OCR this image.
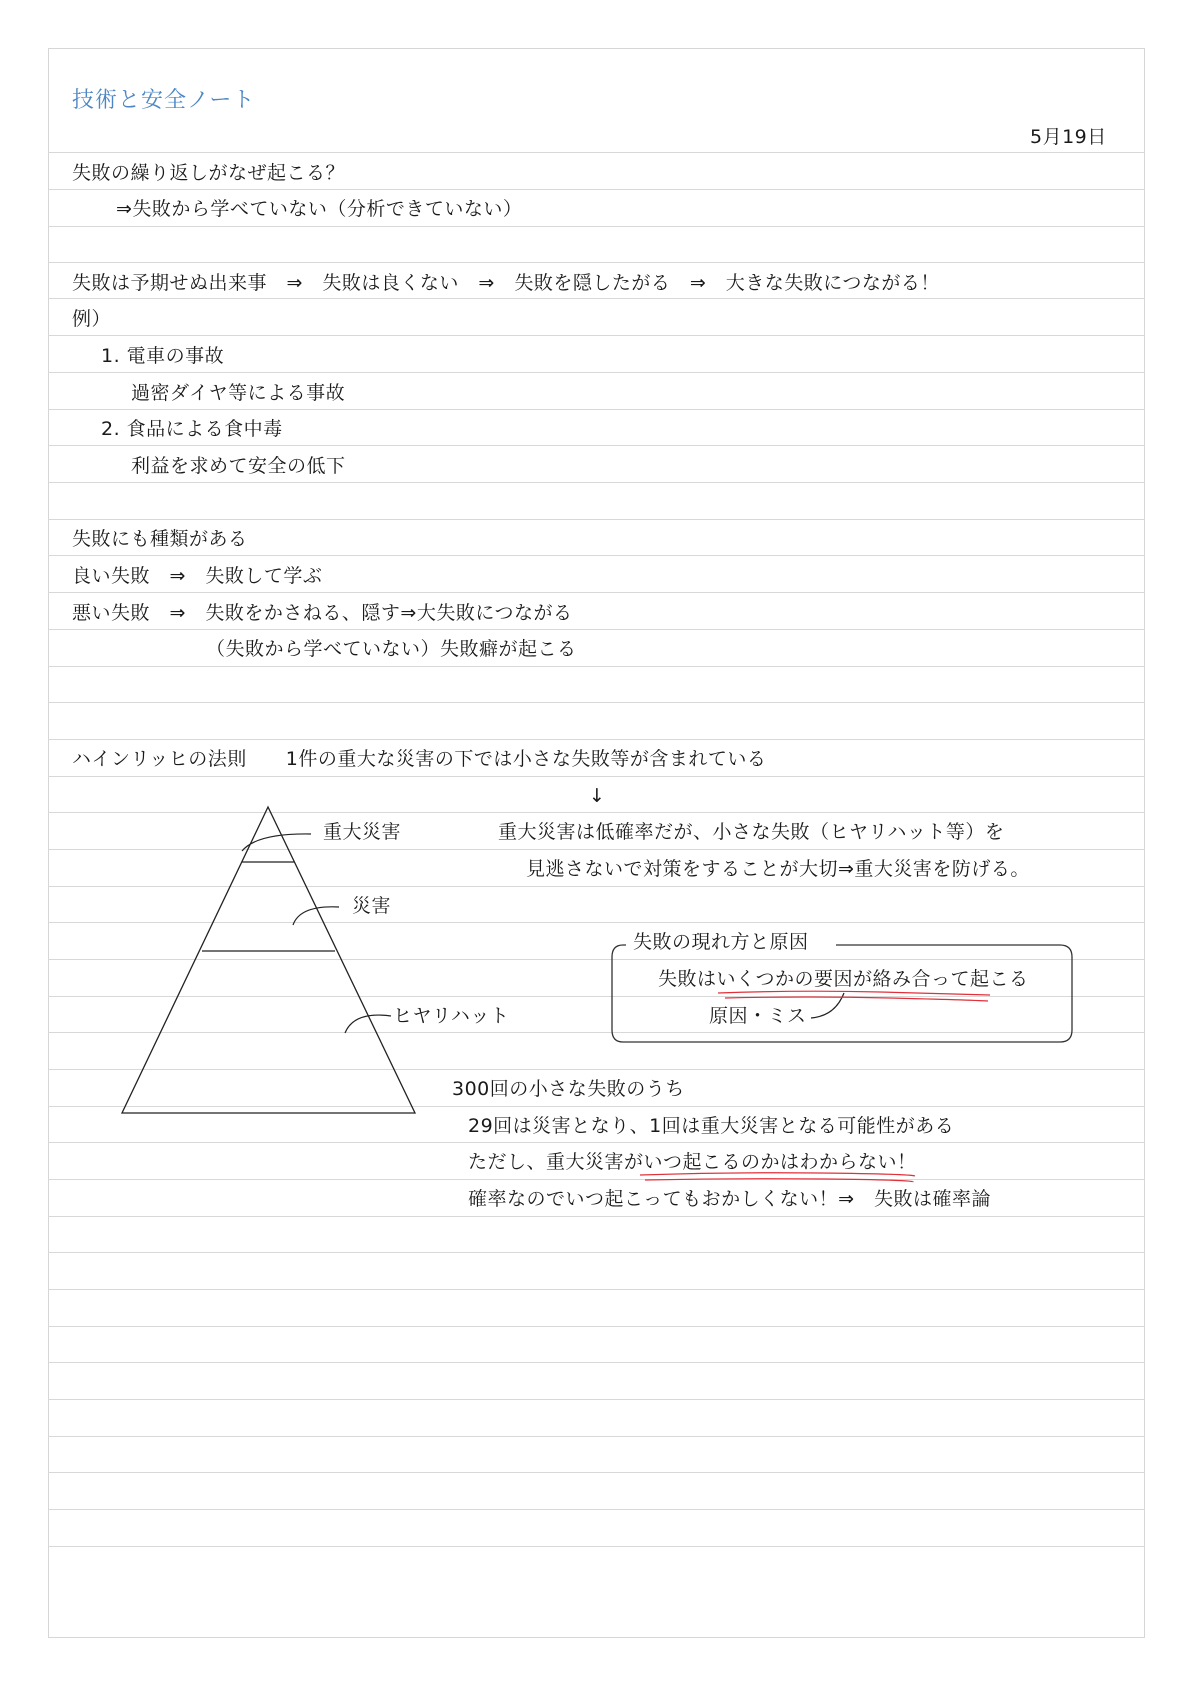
技術と安全ノート
5月19日
失敗の繰り返しがなぜ起こる？
⇒失敗から学べていない（分析できていない）
失敗は予期せぬ出来事　⇒　失敗は良くない　⇒　失敗を隠したがる　⇒　大きな失敗につながる！
例）
1. 電車の事故
過密ダイヤ等による事故
2. 食品による食中毒
利益を求めて安全の低下
失敗にも種類がある
良い失敗　⇒　失敗して学ぶ
悪い失敗　⇒　失敗をかさねる、隠す⇒大失敗につながる
（失敗から学べていない）失敗癖が起こる
ハインリッヒの法則　　1件の重大な災害の下では小さな失敗等が含まれている
↓
重大災害は低確率だが、小さな失敗（ヒヤリハット等）を
見逃さないで対策をすることが大切⇒重大災害を防げる。
300回の小さな失敗のうち
29回は災害となり、1回は重大災害となる可能性がある
ただし、重大災害がいつ起こるのかはわからない！
確率なのでいつ起こってもおかしくない！⇒　失敗は確率論
重大災害
災害
ヒヤリハット
失敗の現れ方と原因
失敗はいくつかの要因が絡み合って起こる
原因・ミス
